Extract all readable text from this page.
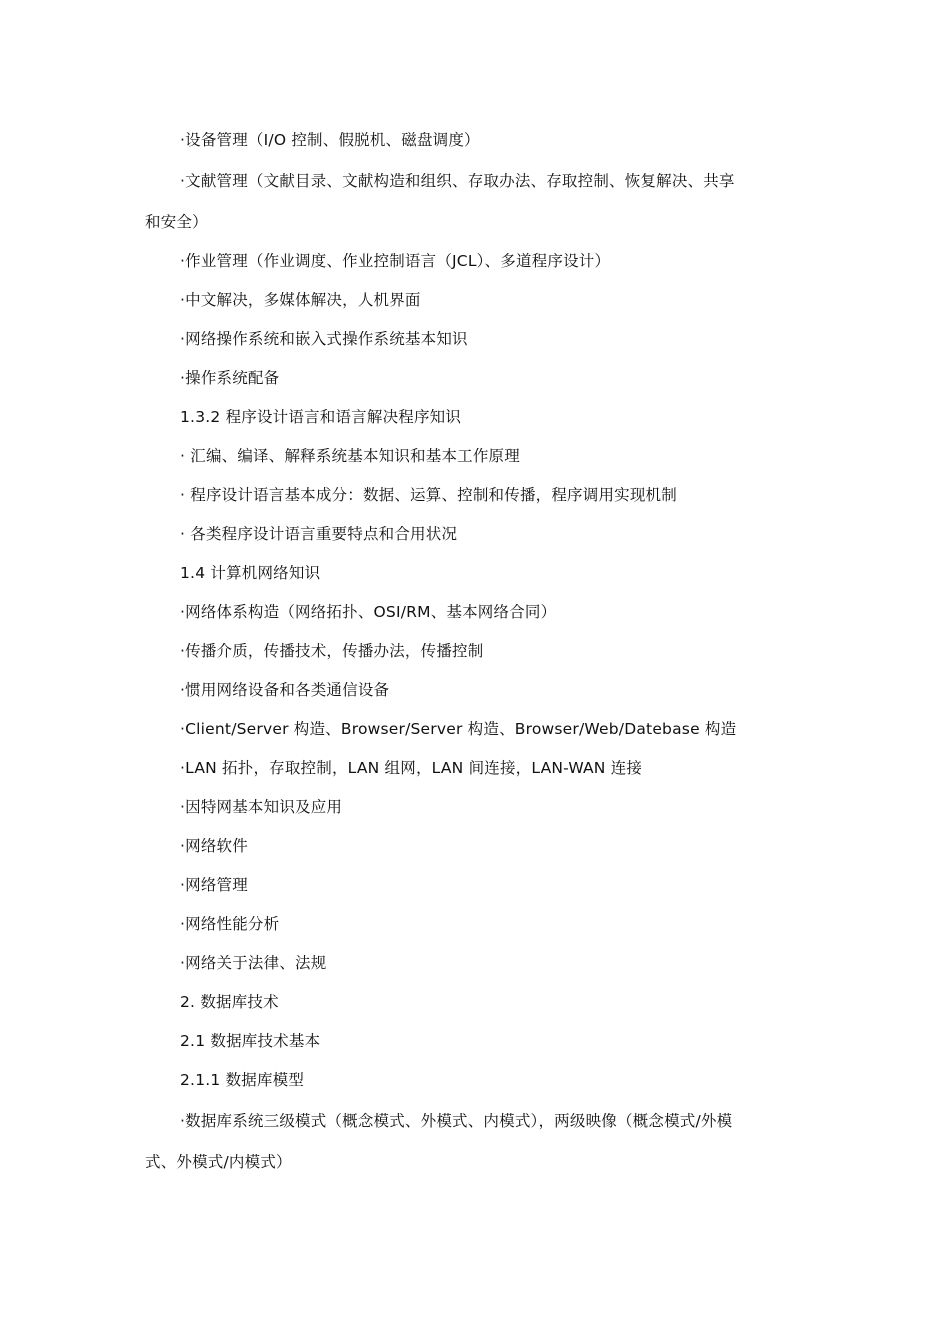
·设备管理（I/O 控制、假脱机、磁盘调度）
·文献管理（文献目录、文献构造和组织、存取办法、存取控制、恢复解决、共享
和安全）
·作业管理（作业调度、作业控制语言（JCL）、多道程序设计）
·中文解决，多媒体解决，人机界面
·网络操作系统和嵌入式操作系统基本知识
·操作系统配备
1.3.2 程序设计语言和语言解决程序知识
· 汇编、编译、解释系统基本知识和基本工作原理
· 程序设计语言基本成分：数据、运算、控制和传播，程序调用实现机制
· 各类程序设计语言重要特点和合用状况
1.4 计算机网络知识
·网络体系构造（网络拓扑、OSI/RM、基本网络合同）
·传播介质，传播技术，传播办法，传播控制
·惯用网络设备和各类通信设备
·Client/Server 构造、Browser/Server 构造、Browser/Web/Datebase 构造
·LAN 拓扑，存取控制，LAN 组网，LAN 间连接，LAN-WAN 连接
·因特网基本知识及应用
·网络软件
·网络管理
·网络性能分析
·网络关于法律、法规
2. 数据库技术
2.1 数据库技术基本
2.1.1 数据库模型
·数据库系统三级模式（概念模式、外模式、内模式），两级映像（概念模式/外模
式、外模式/内模式）
